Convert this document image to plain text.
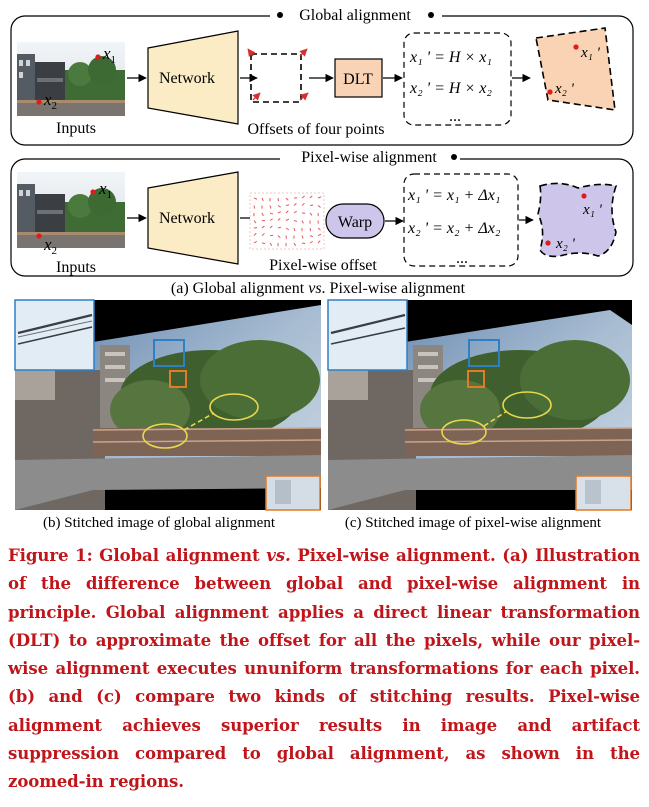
Global alignment
$x_1$
$x_2$
Inputs
Network
Offsets of four points
DLT
x₁ ' = H × x₁
x₂ ' = H × x₂
...
x₁ '
x₂ '
Pixel-wise alignment
$x_1$
$x_2$
Inputs
Network
Pixel-wise offset
Warp
x₁ ' = x₁ + Δx₁
x₂ ' = x₂ + Δx₂
...
x₁ '
x₂ '
(a) Global alignment vs. Pixel-wise alignment
(b) Stitched image of global alignment	(c) Stitched image of pixel-wise alignment

Figure 1: Global alignment vs. Pixel-wise alignment. (a) Illustration of the difference between global and pixel-wise alignment in principle. Global alignment applies a direct linear transformation (DLT) to approximate the offset for all the pixels, while our pixel-wise alignment executes ununiform transformations for each pixel. (b) and (c) compare two kinds of stitching results. Pixel-wise alignment achieves superior results in image and artifact suppression compared to global alignment, as shown in the zoomed-in regions.
